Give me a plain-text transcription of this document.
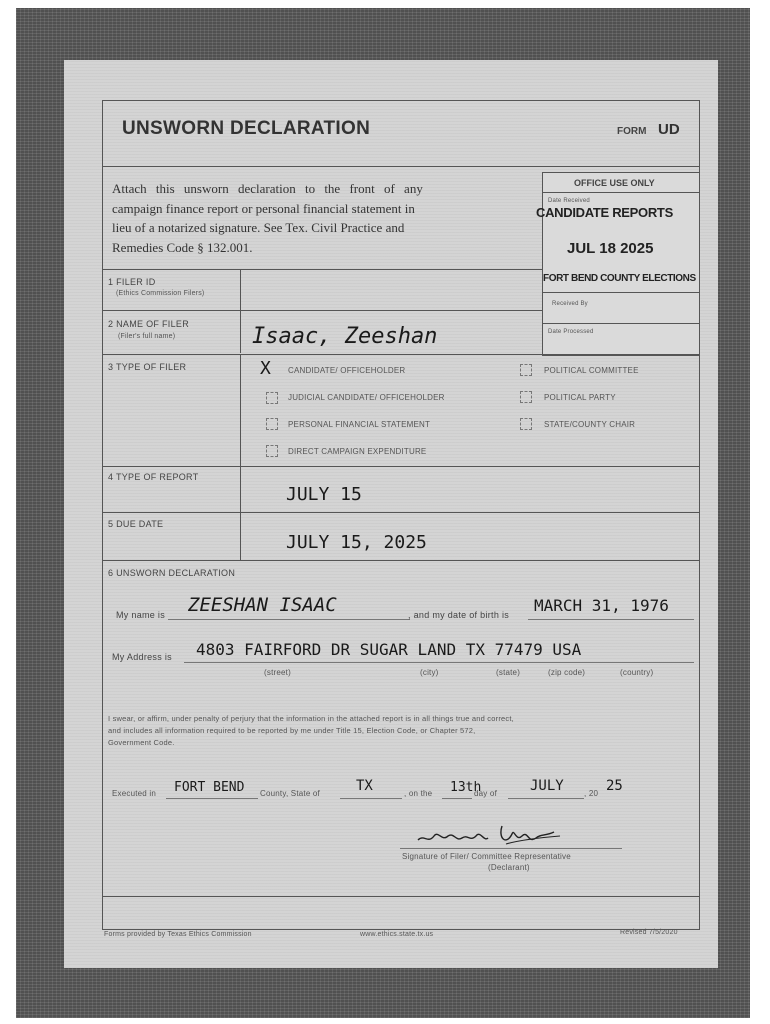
UNSWORN DECLARATION	FORM UD
Attach this unsworn declaration to the front of any
campaign finance report or personal financial statement in
lieu of a notarized signature. See Tex. Civil Practice and
Remedies Code § 132.001.
OFFICE USE ONLY
Date Received
CANDIDATE REPORTS
JUL 18 2025
FORT BEND COUNTY ELECTIONS
Received By
Date Processed
1 FILER ID
(Ethics Commission Filers)
2 NAME OF FILER
(Filer's full name)	Isaac, Zeeshan
3 TYPE OF FILER	X CANDIDATE/ OFFICEHOLDER
JUDICIAL CANDIDATE/ OFFICEHOLDER
PERSONAL FINANCIAL STATEMENT
DIRECT CAMPAIGN EXPENDITURE
POLITICAL COMMITTEE
POLITICAL PARTY
STATE/COUNTY CHAIR
4 TYPE OF REPORT
JULY 15
5 DUE DATE
JULY 15, 2025
6 UNSWORN DECLARATION
My name is ZEESHAN ISAAC	, and my date of birth is MARCH 31, 1976
My Address is 4803 FAIRFORD DR SUGAR LAND TX 77479 USA
(street)	(city)	(state)	(zip code)	(country)
I swear, or affirm, under penalty of perjury that the information in the attached report is in all things true and correct,
and includes all information required to be reported by me under Title 15, Election Code, or Chapter 572,
Government Code.
Executed in FORT BEND County, State of	TX	, on the 13th
day of JULY	, 20 25
Signature of Filer/ Committee Representative
(Declarant)
Forms provided by Texas Ethics Commission	www.ethics.state.tx.us	Revised 7/5/2020
